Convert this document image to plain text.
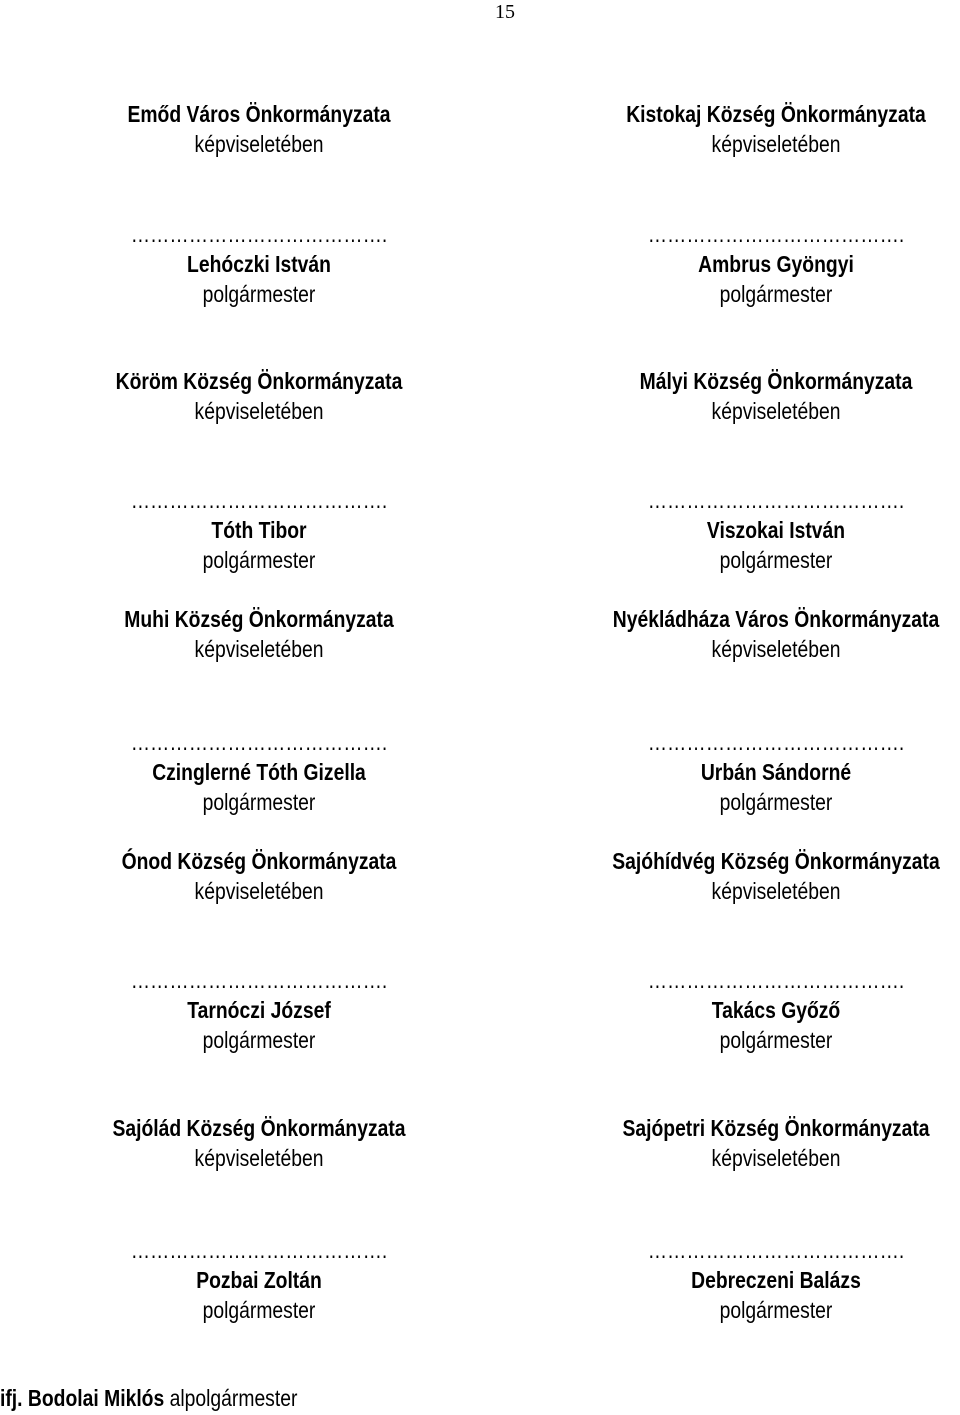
15
Emőd Város Önkormányzata
képviseletében
Kistokaj Község Önkormányzata
képviseletében
………………………………….
Lehóczki István
polgármester
………………………………….
Ambrus Gyöngyi
polgármester
Köröm Község Önkormányzata
képviseletében
Mályi Község Önkormányzata
képviseletében
………………………………….
Tóth Tibor
polgármester
………………………………….
Viszokai István
polgármester
Muhi Község Önkormányzata
képviseletében
Nyékládháza Város Önkormányzata
képviseletében
………………………………….
Czinglerné Tóth Gizella
polgármester
………………………………….
Urbán Sándorné
polgármester
Ónod Község Önkormányzata
képviseletében
Sajóhídvég Község Önkormányzata
képviseletében
………………………………….
Tarnóczi József
polgármester
………………………………….
Takács Győző
polgármester
Sajólád Község Önkormányzata
képviseletében
Sajópetri Község Önkormányzata
képviseletében
………………………………….
Pozbai Zoltán
polgármester
………………………………….
Debreczeni Balázs
polgármester
ifj. Bodolai Miklós alpolgármester
